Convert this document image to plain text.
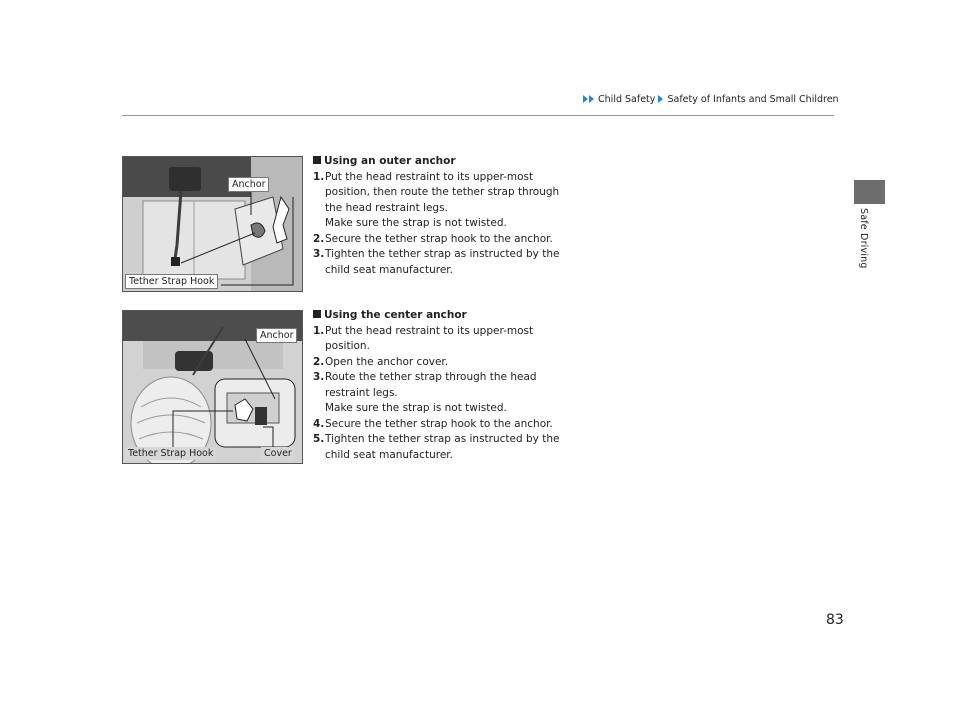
Child Safety Safety of Infants and Small Children
Safe Driving
Anchor
Tether Strap Hook
Using an outer anchor
1. Put the head restraint to its upper-most position, then route the tether strap through the head restraint legs.
Make sure the strap is not twisted.
2. Secure the tether strap hook to the anchor.
3. Tighten the tether strap as instructed by the child seat manufacturer.
Anchor
Tether Strap Hook	Cover
Using the center anchor
1. Put the head restraint to its upper-most position.
2. Open the anchor cover.
3. Route the tether strap through the head restraint legs.
Make sure the strap is not twisted.
4. Secure the tether strap hook to the anchor.
5. Tighten the tether strap as instructed by the child seat manufacturer.
83
